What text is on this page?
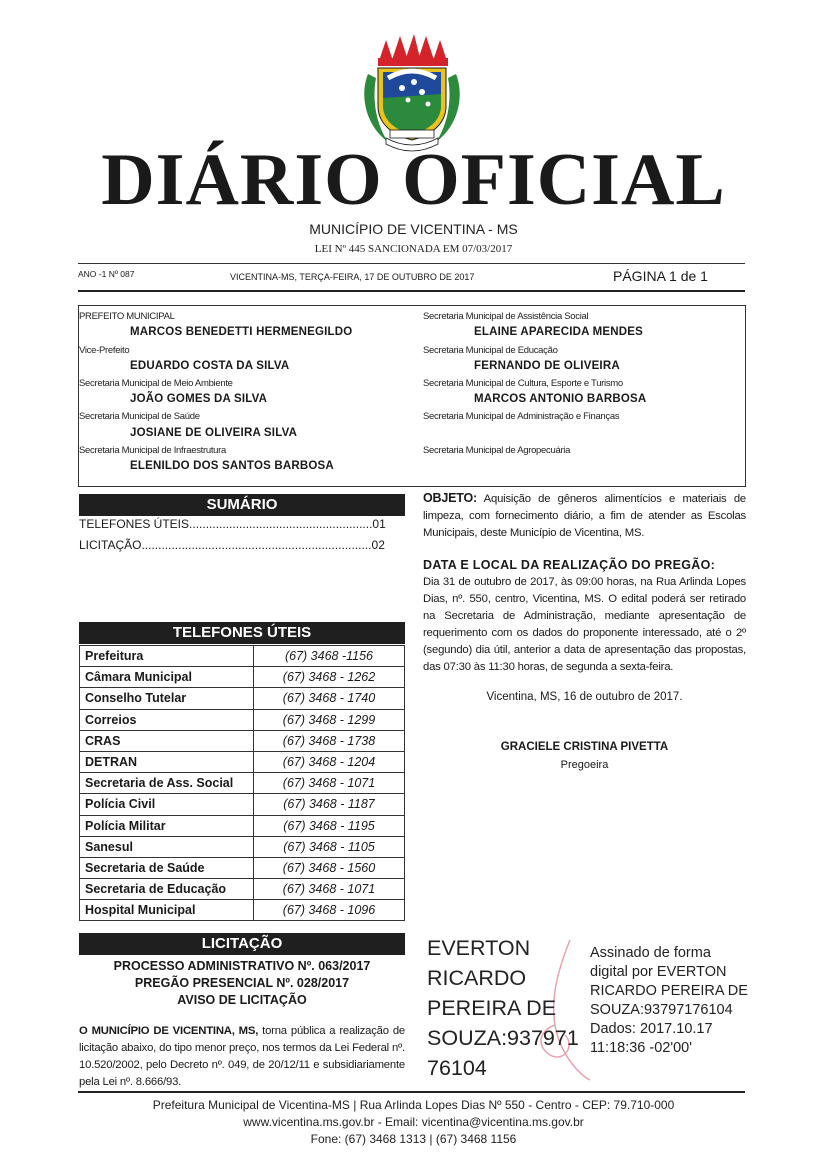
DIÁRIO OFICIAL
MUNICÍPIO DE VICENTINA - MS
LEI Nº 445 SANCIONADA EM 07/03/2017
ANO -1 Nº 087	VICENTINA-MS, TERÇA-FEIRA, 17 DE OUTUBRO DE 2017	PÁGINA 1 de 1
PREFEITO MUNICIPAL
MARCOS BENEDETTI HERMENEGILDO
Vice-Prefeito
EDUARDO COSTA DA SILVA
Secretaria Municipal de Meio Ambiente
JOÃO GOMES DA SILVA
Secretaria Municipal de Saúde
JOSIANE DE OLIVEIRA SILVA
Secretaria Municipal de Infraestrutura
ELENILDO DOS SANTOS BARBOSA
Secretaria Municipal de Assistência Social
ELAINE APARECIDA MENDES
Secretaria Municipal de Educação
FERNANDO DE OLIVEIRA
Secretaria Municipal de Cultura, Esporte e Turismo
MARCOS ANTONIO BARBOSA
Secretaria Municipal de Administração e Finanças
Secretaria Municipal de Agropecuária
SUMÁRIO
TELEFONES ÚTEIS.......................................................01
LICITAÇÃO.....................................................................02
TELEFONES ÚTEIS
Prefeitura	(67) 3468 -1156
Câmara Municipal	(67) 3468 - 1262
Conselho Tutelar	(67) 3468 - 1740
Correios	(67) 3468 - 1299
CRAS	(67) 3468 - 1738
DETRAN	(67) 3468 - 1204
Secretaria de Ass. Social	(67) 3468 - 1071
Polícia Civil	(67) 3468 - 1187
Polícia Militar	(67) 3468 - 1195
Sanesul	(67) 3468 - 1105
Secretaria de Saúde	(67) 3468 - 1560
Secretaria de Educação	(67) 3468 - 1071
Hospital Municipal	(67) 3468 - 1096
LICITAÇÃO
PROCESSO ADMINISTRATIVO Nº. 063/2017
PREGÃO PRESENCIAL Nº. 028/2017
AVISO DE LICITAÇÃO
O MUNICÍPIO DE VICENTINA, MS, torna pública a realização de licitação abaixo, do tipo menor preço, nos termos da Lei Federal nº. 10.520/2002, pelo Decreto nº. 049, de 20/12/11 e subsidiariamente pela Lei nº. 8.666/93.
OBJETO: Aquisição de gêneros alimentícios e materiais de limpeza, com fornecimento diário, a fim de atender as Escolas Municipais, deste Município de Vicentina, MS.
DATA E LOCAL DA REALIZAÇÃO DO PREGÃO:
Dia 31 de outubro de 2017, às 09:00 horas, na Rua Arlinda Lopes Dias, nº. 550, centro, Vicentina, MS. O edital poderá ser retirado na Secretaria de Administração, mediante apresentação de requerimento com os dados do proponente interessado, até o 2º (segundo) dia útil, anterior a data de apresentação das propostas, das 07:30 às 11:30 horas, de segunda a sexta-feira.
Vicentina, MS, 16 de outubro de 2017.
GRACIELE CRISTINA PIVETTA
Pregoeira
EVERTON
RICARDO
PEREIRA DE
SOUZA:937971
76104
Assinado de forma
digital por EVERTON
RICARDO PEREIRA DE
SOUZA:93797176104
Dados: 2017.10.17
11:18:36 -02'00'
Prefeitura Municipal de Vicentina-MS | Rua Arlinda Lopes Dias Nº 550 - Centro - CEP: 79.710-000
www.vicentina.ms.gov.br - Email: vicentina@vicentina.ms.gov.br
Fone: (67) 3468 1313 | (67) 3468 1156
